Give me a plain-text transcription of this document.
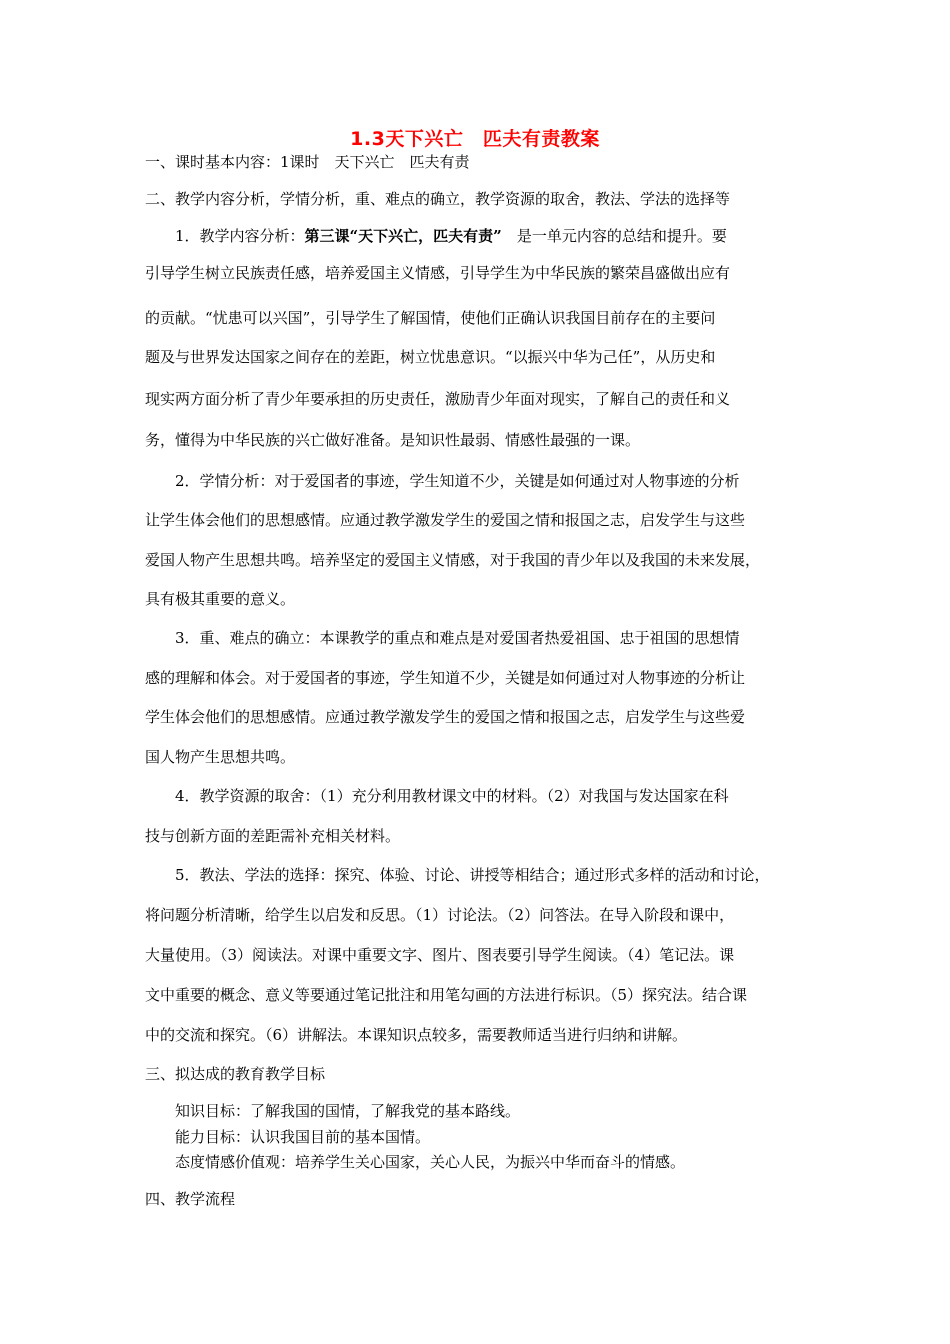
1.3天下兴亡　匹夫有责教案
一、课时基本内容：1课时　天下兴亡　匹夫有责
二、教学内容分析，学情分析，重、难点的确立，教学资源的取舍，教法、学法的选择等
1．教学内容分析：第三课“天下兴亡，匹夫有责”　是一单元内容的总结和提升。要
引导学生树立民族责任感，培养爱国主义情感，引导学生为中华民族的繁荣昌盛做出应有
的贡献。“忧患可以兴国”，引导学生了解国情，使他们正确认识我国目前存在的主要问
题及与世界发达国家之间存在的差距，树立忧患意识。“以振兴中华为己任”，从历史和
现实两方面分析了青少年要承担的历史责任，激励青少年面对现实，了解自己的责任和义
务，懂得为中华民族的兴亡做好准备。是知识性最弱、情感性最强的一课。
2．学情分析：对于爱国者的事迹，学生知道不少，关键是如何通过对人物事迹的分析
让学生体会他们的思想感情。应通过教学激发学生的爱国之情和报国之志，启发学生与这些
爱国人物产生思想共鸣。培养坚定的爱国主义情感，对于我国的青少年以及我国的未来发展，
具有极其重要的意义。
3．重、难点的确立：本课教学的重点和难点是对爱国者热爱祖国、忠于祖国的思想情
感的理解和体会。对于爱国者的事迹，学生知道不少，关键是如何通过对人物事迹的分析让
学生体会他们的思想感情。应通过教学激发学生的爱国之情和报国之志，启发学生与这些爱
国人物产生思想共鸣。
4．教学资源的取舍：（1）充分利用教材课文中的材料。（2）对我国与发达国家在科
技与创新方面的差距需补充相关材料。
5．教法、学法的选择：探究、体验、讨论、讲授等相结合；通过形式多样的活动和讨论，
将问题分析清晰，给学生以启发和反思。（1）讨论法。（2）问答法。在导入阶段和课中，
大量使用。（3）阅读法。对课中重要文字、图片、图表要引导学生阅读。（4）笔记法。课
文中重要的概念、意义等要通过笔记批注和用笔勾画的方法进行标识。（5）探究法。结合课
中的交流和探究。（6）讲解法。本课知识点较多，需要教师适当进行归纳和讲解。
三、拟达成的教育教学目标
知识目标：了解我国的国情，了解我党的基本路线。
能力目标：认识我国目前的基本国情。
态度情感价值观：培养学生关心国家，关心人民，为振兴中华而奋斗的情感。
四、教学流程
